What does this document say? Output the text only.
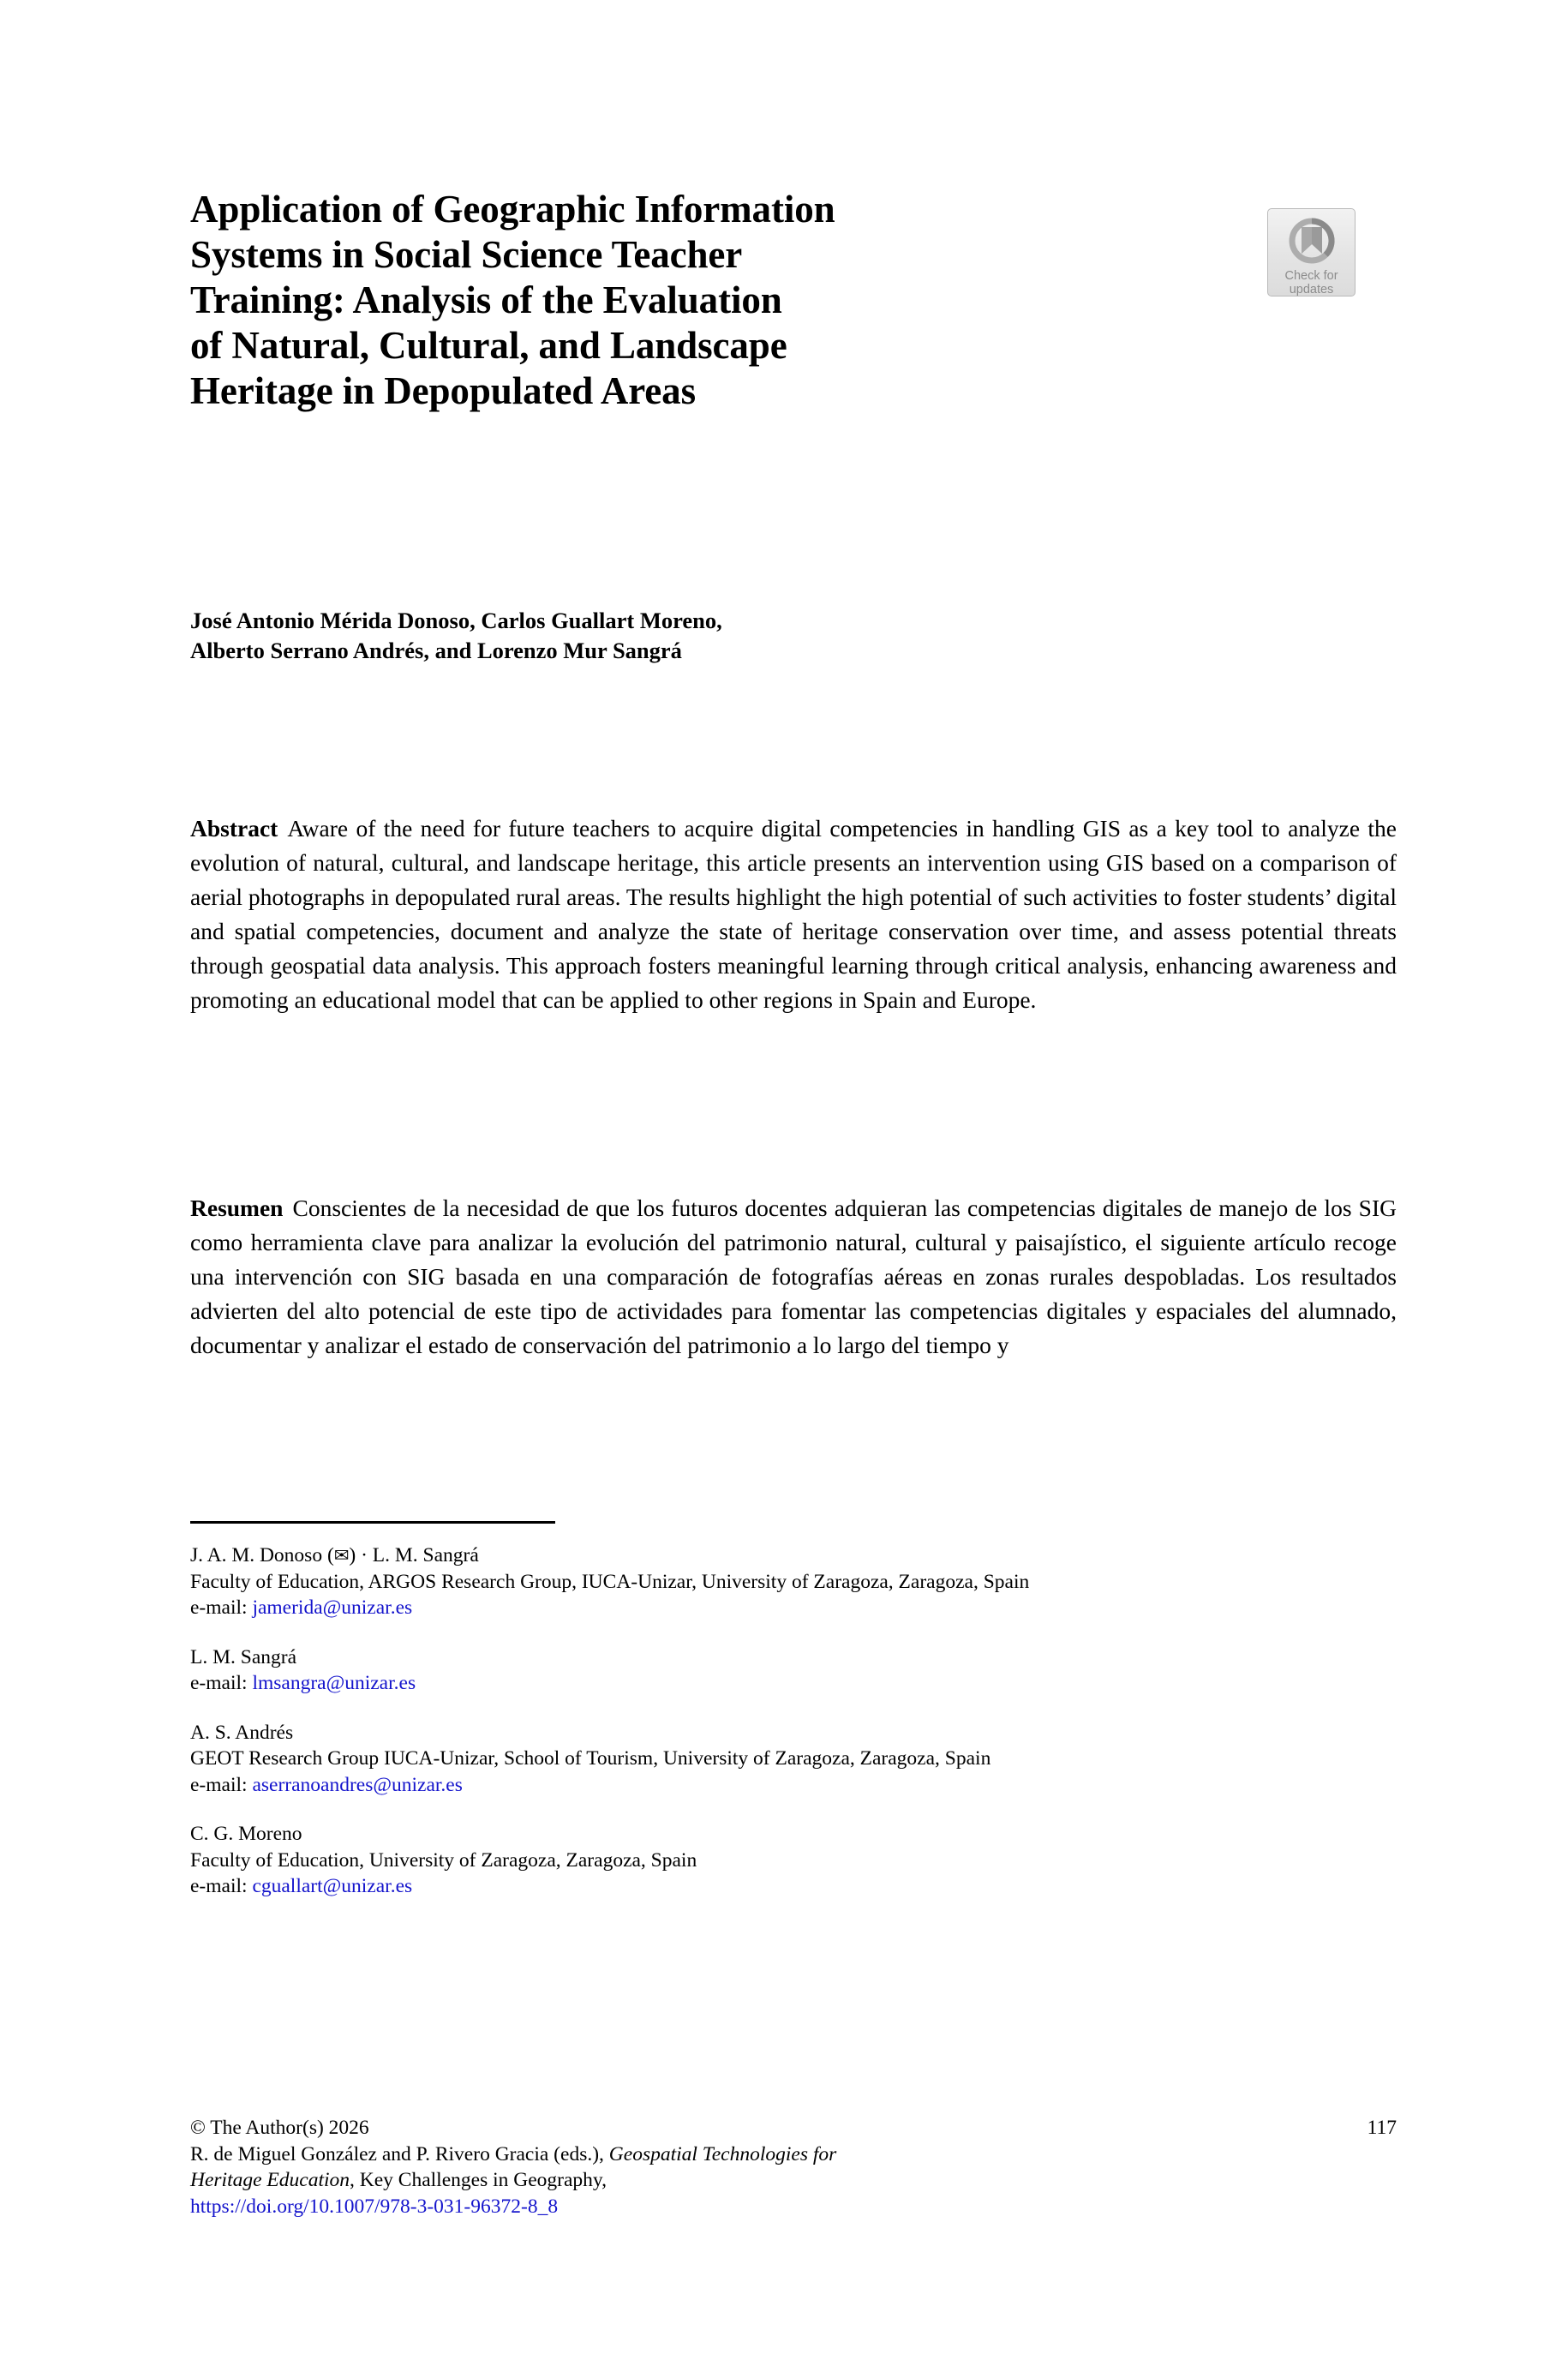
Application of Geographic Information
Systems in Social Science Teacher
Training: Analysis of the Evaluation
of Natural, Cultural, and Landscape
Heritage in Depopulated Areas
Check for
updates

José Antonio Mérida Donoso, Carlos Guallart Moreno,
Alberto Serrano Andrés, and Lorenzo Mur Sangrá

Abstract Aware of the need for future teachers to acquire digital competencies in handling GIS as a key tool to analyze the evolution of natural, cultural, and landscape heritage, this article presents an intervention using GIS based on a comparison of aerial photographs in depopulated rural areas. The results highlight the high potential of such activities to foster students’ digital and spatial competencies, document and analyze the state of heritage conservation over time, and assess potential threats through geospatial data analysis. This approach fosters meaningful learning through critical analysis, enhancing awareness and promoting an educational model that can be applied to other regions in Spain and Europe.

Resumen Conscientes de la necesidad de que los futuros docentes adquieran las competencias digitales de manejo de los SIG como herramienta clave para analizar la evolución del patrimonio natural, cultural y paisajístico, el siguiente artículo recoge una intervención con SIG basada en una comparación de fotografías aéreas en zonas rurales despobladas. Los resultados advierten del alto potencial de este tipo de actividades para fomentar las competencias digitales y espaciales del alumnado, documentar y analizar el estado de conservación del patrimonio a lo largo del tiempo y

J. A. M. Donoso (✉) · L. M. Sangrá

Faculty of Education, ARGOS Research Group, IUCA-Unizar, University of Zaragoza, Zaragoza, Spain

e-mail: jamerida@unizar.es

L. M. Sangrá

e-mail: lmsangra@unizar.es

A. S. Andrés

GEOT Research Group IUCA-Unizar, School of Tourism, University of Zaragoza, Zaragoza, Spain

e-mail: aserranoandres@unizar.es

C. G. Moreno

Faculty of Education, University of Zaragoza, Zaragoza, Spain

e-mail: cguallart@unizar.es

© The Author(s) 2026	117

R. de Miguel González and P. Rivero Gracia (eds.), Geospatial Technologies for

Heritage Education, Key Challenges in Geography,

https://doi.org/10.1007/978-3-031-96372-8_8
